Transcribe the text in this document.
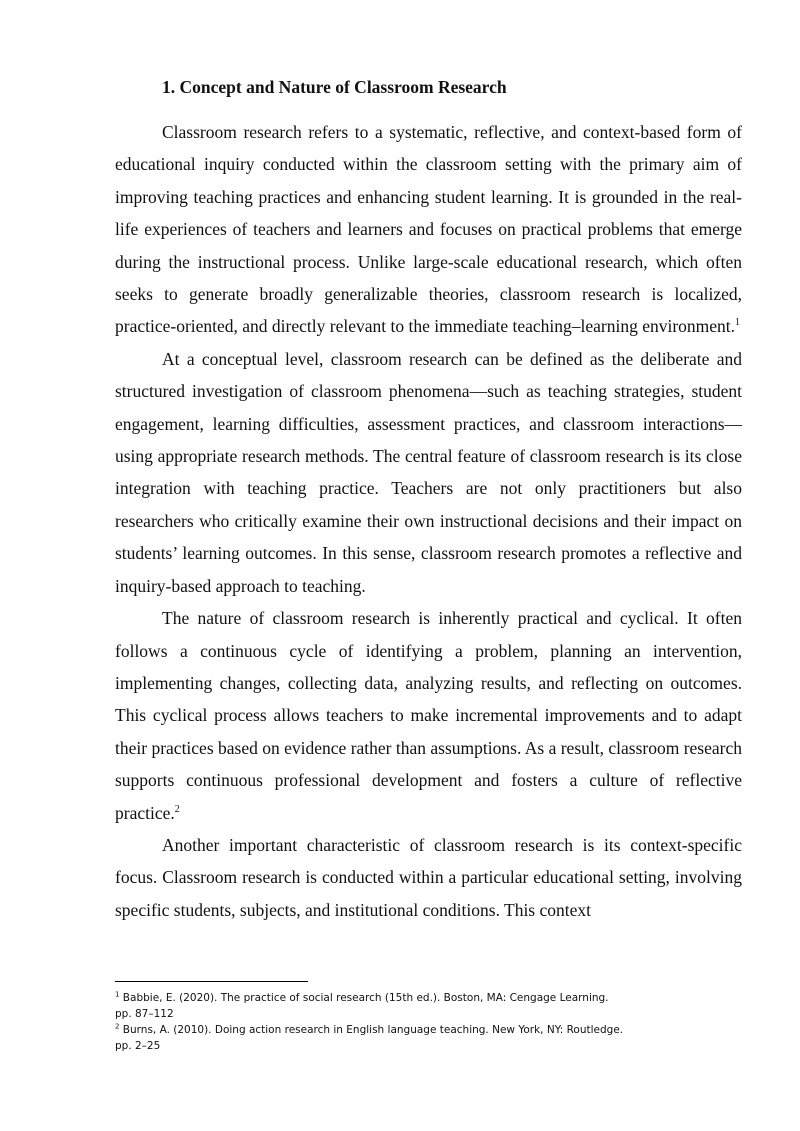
1. Concept and Nature of Classroom Research

Classroom research refers to a systematic, reflective, and context-based form of educational inquiry conducted within the classroom setting with the primary aim of improving teaching practices and enhancing student learning. It is grounded in the real-life experiences of teachers and learners and focuses on practical problems that emerge during the instructional process. Unlike large-scale educational research, which often seeks to generate broadly generalizable theories, classroom research is localized, practice-oriented, and directly relevant to the immediate teaching–learning environment.$^1$

At a conceptual level, classroom research can be defined as the deliberate and structured investigation of classroom phenomena—such as teaching strategies, student engagement, learning difficulties, assessment practices, and classroom interactions—using appropriate research methods. The central feature of classroom research is its close integration with teaching practice. Teachers are not only practitioners but also researchers who critically examine their own instructional decisions and their impact on students’ learning outcomes. In this sense, classroom research promotes a reflective and inquiry-based approach to teaching.

The nature of classroom research is inherently practical and cyclical. It often follows a continuous cycle of identifying a problem, planning an intervention, implementing changes, collecting data, analyzing results, and reflecting on outcomes. This cyclical process allows teachers to make incremental improvements and to adapt their practices based on evidence rather than assumptions. As a result, classroom research supports continuous professional development and fosters a culture of reflective practice.$^2$

Another important characteristic of classroom research is its context-specific focus. Classroom research is conducted within a particular educational setting, involving specific students, subjects, and institutional conditions. This context

$^1$ Babbie, E. (2020). The practice of social research (15th ed.). Boston, MA: Cengage Learning.
pp. 87–112
$^2$ Burns, A. (2010). Doing action research in English language teaching. New York, NY: Routledge.
pp. 2–25
